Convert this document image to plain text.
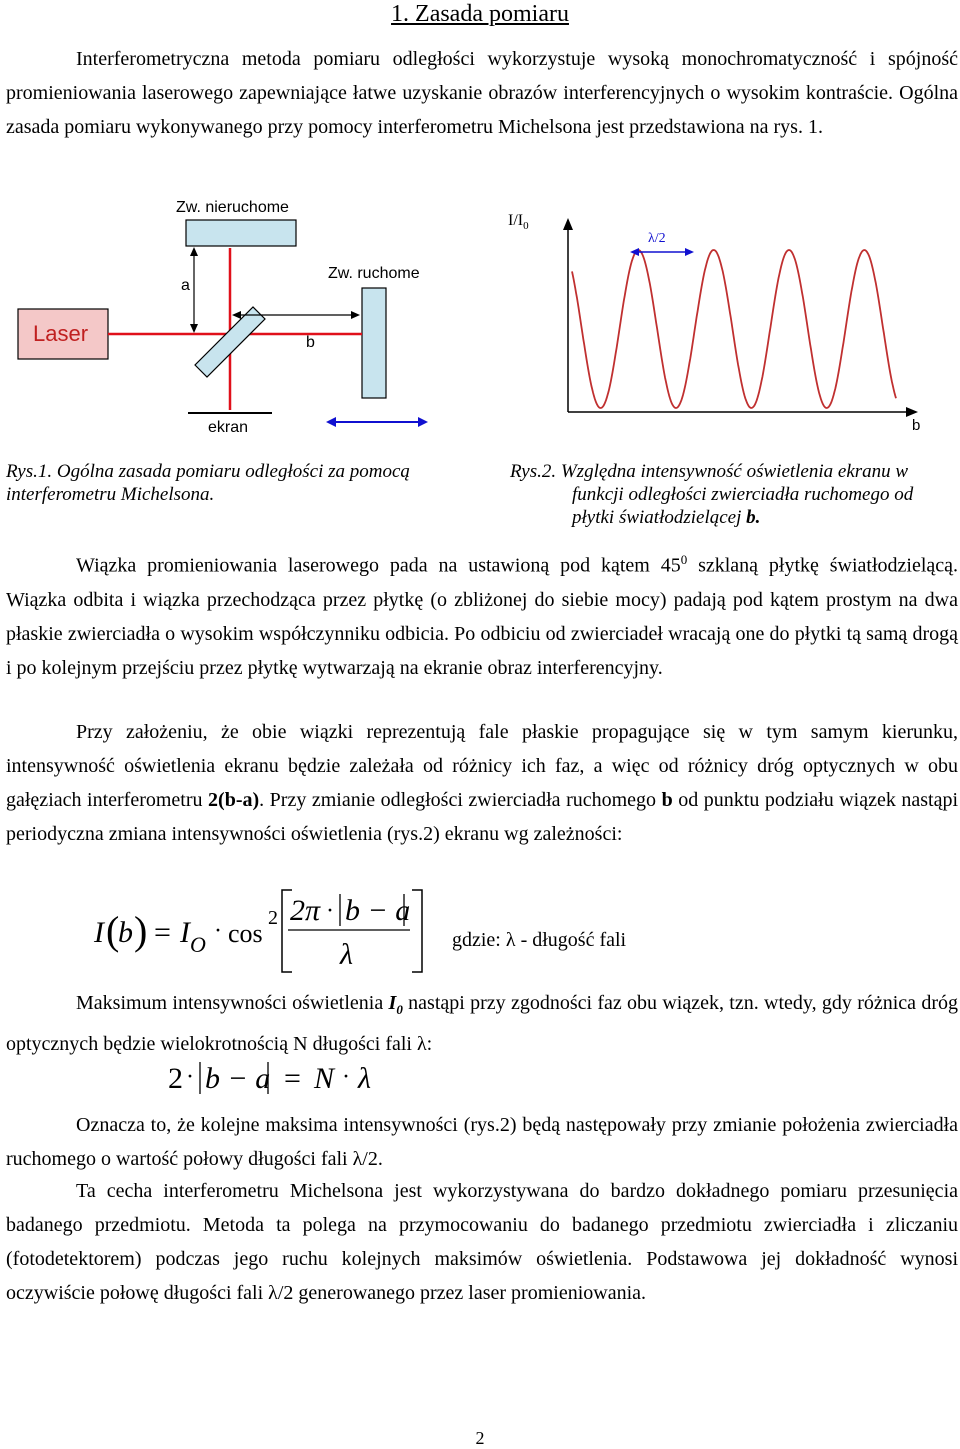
1. Zasada pomiaru

Interferometryczna metoda pomiaru odległości wykorzystuje wysoką monochromatyczność i spójność promieniowania laserowego zapewniające łatwe uzyskanie obrazów interferencyjnych o wysokim kontraście. Ogólna zasada pomiaru wykonywanego przy pomocy interferometru Michelsona jest przedstawiona na rys. 1.

Zw. nieruchome
Zw. ruchome
Laser
ekran
a
b
$I/I_0$
b
λ/2
Rys.1. Ogólna zasada pomiaru odległości za pomocą interferometru Michelsona.
Rys.2. Względna intensywność oświetlenia ekranu w funkcji odległości zwierciadła ruchomego od płytki światłodzielącej b.

Wiązka promieniowania laserowego pada na ustawioną pod kątem $45^0$ szklaną płytkę światłodzielącą. Wiązka odbita i wiązka przechodząca przez płytkę (o zbliżonej do siebie mocy) padają pod kątem prostym na dwa płaskie zwierciadła o wysokim współczynniku odbicia. Po odbiciu od zwierciadeł wracają one do płytki tą samą drogą i po kolejnym przejściu przez płytkę wytwarzają na ekranie obraz interferencyjny.

Przy założeniu, że obie wiązki reprezentują fale płaskie propagujące się w tym samym kierunku, intensywność oświetlenia ekranu będzie zależała od różnicy ich faz, a więc od różnicy dróg optycznych w obu gałęziach interferometru 2(b-a). Przy zmianie odległości zwierciadła ruchomego b od punktu podziału wiązek nastąpi periodyczna zmiana intensywności oświetlenia (rys.2) ekranu wg zależności:

I (
b ) = I O
· cos
2 2π · b − a
λ	gdzie: λ - długość fali

Maksimum intensywności oświetlenia $I_0$ nastąpi przy zgodności faz obu wiązek, tzn. wtedy, gdy różnica dróg optycznych będzie wielokrotnością N długości fali λ:

2 · b − a = N · λ

Oznacza to, że kolejne maksima intensywności (rys.2) będą następowały przy zmianie położenia zwierciadła ruchomego o wartość połowy długości fali λ/2.

Ta cecha interferometru Michelsona jest wykorzystywana do bardzo dokładnego pomiaru przesunięcia badanego przedmiotu. Metoda ta polega na przymocowaniu do badanego przedmiotu zwierciadła i zliczaniu (fotodetektorem) podczas jego ruchu kolejnych maksimów oświetlenia. Podstawowa jej dokładność wynosi oczywiście połowę długości fali λ/2 generowanego przez laser promieniowania.

2
